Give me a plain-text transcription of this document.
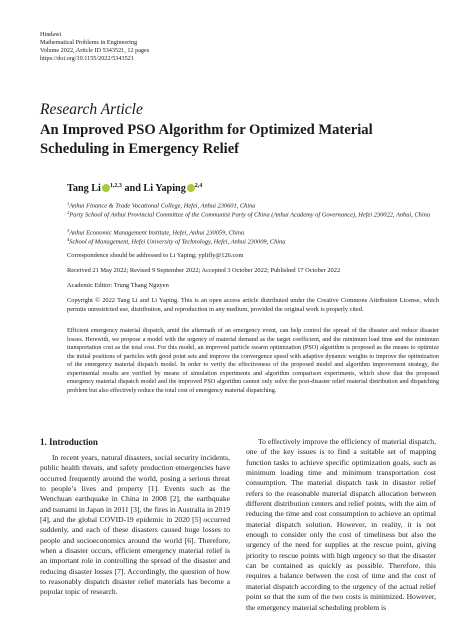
Hindawi
Mathematical Problems in Engineering
Volume 2022, Article ID 5343521, 12 pages
https://doi.org/10.1155/2022/5343521
Research Article
An Improved PSO Algorithm for Optimized Material Scheduling in Emergency Relief
Tang Li $^{1,2,3}$ and Li Yaping $^{2,4}$
$^1$Anhui Finance & Trade Vocational College, Hefei, Anhui 230601, China
$^2$Party School of Anhui Provincial Committee of the Communist Party of China (Anhui Academy of Governance), Hefei 230022, Anhui, China
$^3$Anhui Economic Management Institute, Hefei, Anhui 230059, China
$^4$School of Management, Hefei University of Technology, Hefei, Anhui 230009, China
Correspondence should be addressed to Li Yaping; yplifly@126.com
Received 21 May 2022; Revised 9 September 2022; Accepted 3 October 2022; Published 17 October 2022
Academic Editor: Trung Thang Nguyen
Copyright © 2022 Tang Li and Li Yaping. This is an open access article distributed under the Creative Commons Attribution License, which permits unrestricted use, distribution, and reproduction in any medium, provided the original work is properly cited.
Efficient emergency material dispatch, amid the aftermath of an emergency event, can help control the spread of the disaster and reduce disaster losses. Herewith, we propose a model with the urgency of material demand as the target coefficient, and the minimum load time and the minimum transportation cost as the total cost. For this model, an improved particle swarm optimization (PSO) algorithm is proposed as the means to optimize the initial positions of particles with good point sets and improve the convergence speed with adaptive dynamic weights to improve the optimization of the emergency material dispatch model. In order to verify the effectiveness of the proposed model and algorithm improvement strategy, the experimental results are verified by means of simulation experiments and algorithm comparison experiments, which show that the proposed emergency material dispatch model and the improved PSO algorithm cannot only solve the post-disaster relief material distribution and dispatching problem but also effectively reduce the total cost of emergency material dispatching.
1. Introduction

In recent years, natural disasters, social security incidents, public health threats, and safety production emergencies have occurred frequently around the world, posing a serious threat to people’s lives and property [1]. Events such as the Wenchuan earthquake in China in 2008 [2], the earthquake and tsunami in Japan in 2011 [3], the fires in Australia in 2019 [4], and the global COVID-19 epidemic in 2020 [5] occurred suddenly, and each of these disasters caused huge losses to people and socioeconomics around the world [6]. Therefore, when a disaster occurs, efficient emergency material relief is an important role in controlling the spread of the disaster and reducing disaster losses [7]. Accordingly, the question of how to reasonably dispatch disaster relief materials has become a popular topic of research.

To effectively improve the efficiency of material dispatch, one of the key issues is to find a suitable set of mapping function tasks to achieve specific optimization goals, such as minimum loading time and minimum transportation cost consumption. The material dispatch task in disaster relief refers to the reasonable material dispatch allocation between different distribution centers and relief points, with the aim of reducing the time and cost consumption to achieve an optimal material dispatch solution. However, in reality, it is not enough to consider only the cost of timeliness but also the urgency of the need for supplies at the rescue point, giving priority to rescue points with high urgency so that the disaster can be contained as quickly as possible. Therefore, this requires a balance between the cost of time and the cost of material dispatch according to the urgency of the actual relief point so that the sum of the two costs is minimized. However, the emergency material scheduling problem is
